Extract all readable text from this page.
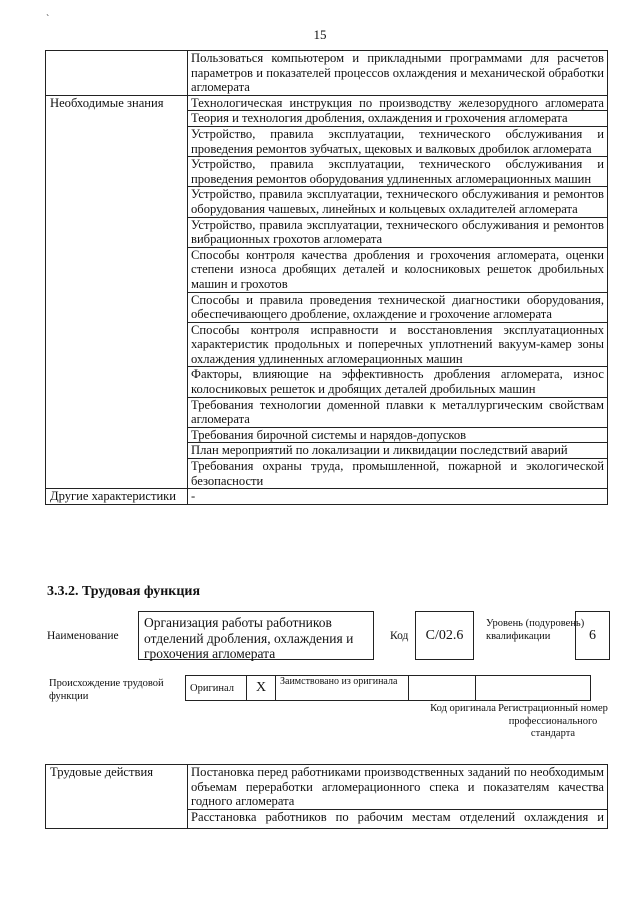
`
15
	Пользоваться компьютером и прикладными программами для расчетов параметров и показателей процессов охлаждения и механической обработки агломерата
Необходимые знания	Технологическая инструкция по производству железорудного агломерата
	Теория и технология дробления, охлаждения и грохочения агломерата
	Устройство, правила эксплуатации, технического обслуживания и проведения ремонтов зубчатых, щековых и валковых дробилок агломерата
	Устройство, правила эксплуатации, технического обслуживания и проведения ремонтов оборудования удлиненных агломерационных машин
	Устройство, правила эксплуатации, технического обслуживания и ремонтов оборудования чашевых, линейных и кольцевых охладителей агломерата
	Устройство, правила эксплуатации, технического обслуживания и ремонтов вибрационных грохотов агломерата
	Способы контроля качества дробления и грохочения агломерата, оценки степени износа дробящих деталей и колосниковых решеток дробильных машин и грохотов
	Способы и правила проведения технической диагностики оборудования, обеспечивающего дробление, охлаждение и грохочение агломерата
	Способы контроля исправности и восстановления эксплуатационных характеристик продольных и поперечных уплотнений вакуум-камер зоны охлаждения удлиненных агломерационных машин
	Факторы, влияющие на эффективность дробления агломерата, износ колосниковых решеток и дробящих деталей дробильных машин
	Требования технологии доменной плавки к металлургическим свойствам агломерата
	Требования бирочной системы и нарядов-допусков
	План мероприятий по локализации и ликвидации последствий аварий
	Требования охраны труда, промышленной, пожарной и экологической безопасности
Другие характеристики	-
3.3.2. Трудовая функция
Наименование
Организация работы работников отделений дробления, охлаждения и грохочения агломерата
Код	С/02.6
Уровень (подуровень) квалификации	6
Происхождение трудовой функции
Оригинал	X	Заимствовано из оригинала		
Код оригинала Регистрационный номер профессионального стандарта
Трудовые действия	Постановка перед работниками производственных заданий по необходимым объемам переработки агломерационного спека и показателям качества годного агломерата
Расстановка работников по рабочим местам отделений охлаждения и
